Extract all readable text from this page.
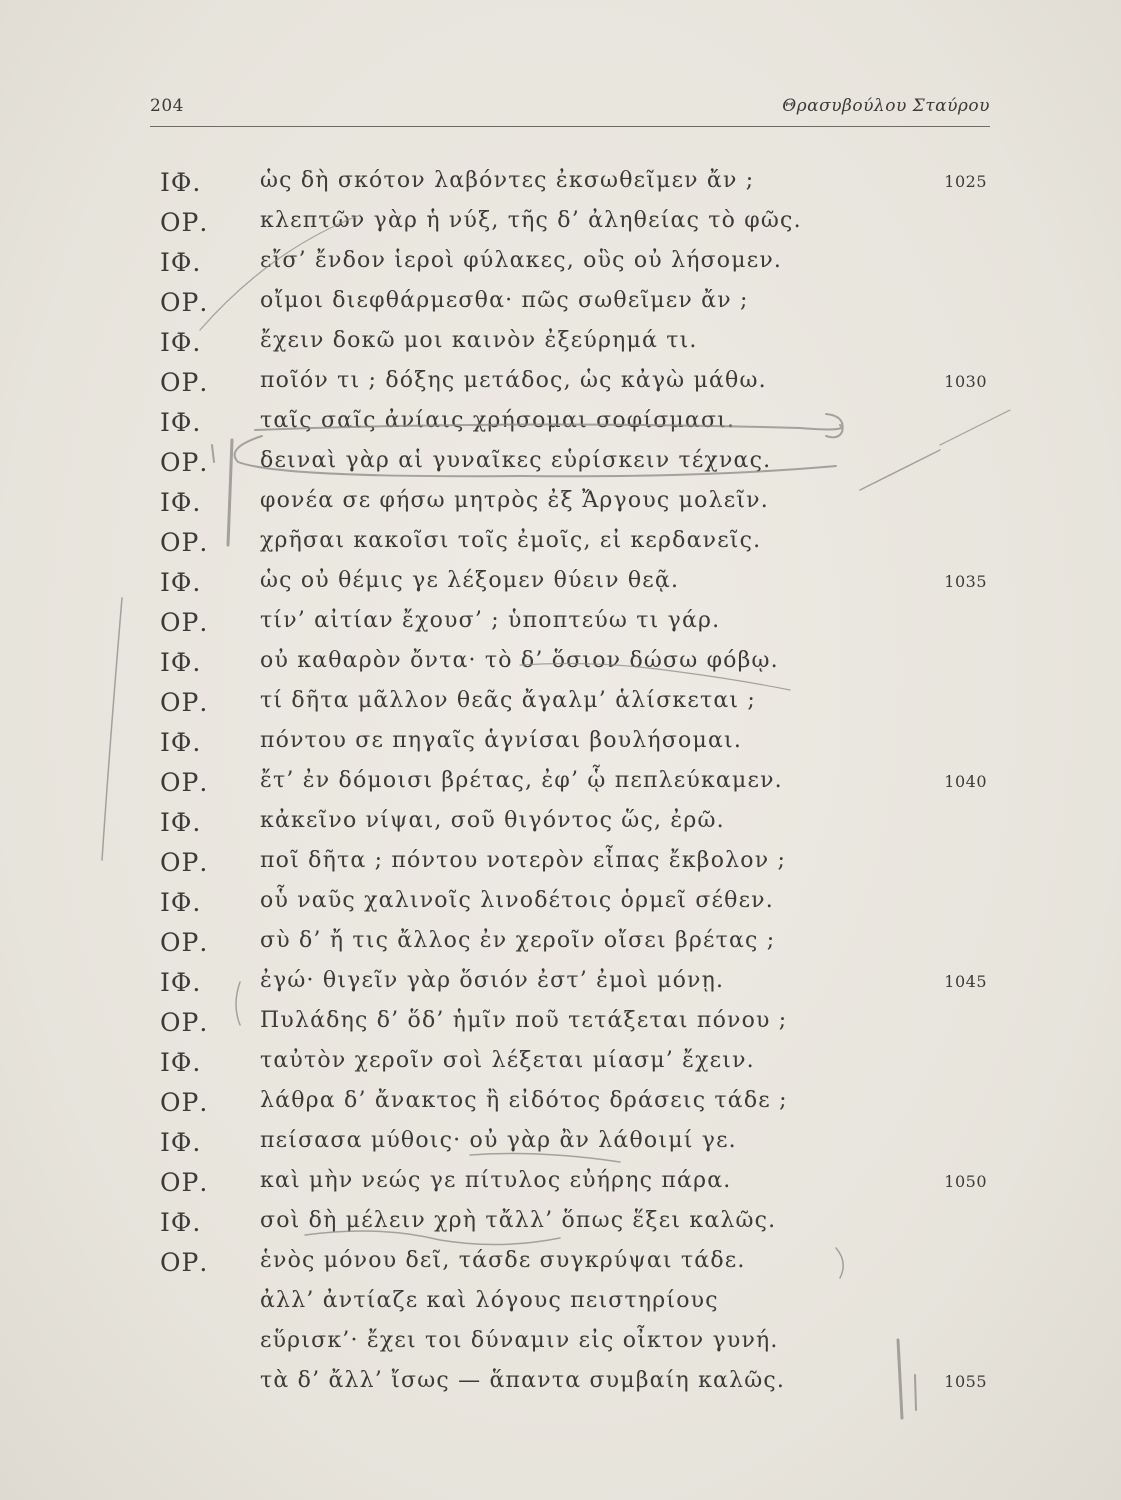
204	Θρασυβούλου Σταύρου
ΙΦ.	ὡς δὴ σκότον λαβόντες ἐκσωθεῖμεν ἄν ;	1025
ΟΡ. κλεπτῶν γὰρ ἡ νύξ, τῆς δ’ ἀληθείας τὸ φῶς.
ΙΦ.	εἴσ’ ἔνδον ἱεροὶ φύλακες, οὓς οὐ λήσομεν.
ΟΡ. οἴμοι διεφθάρμεσθα· πῶς σωθεῖμεν ἄν ;
ΙΦ.	ἔχειν δοκῶ μοι καινὸν ἐξεύρημά τι.
ΟΡ. ποῖόν τι ; δόξης μετάδος, ὡς κἀγὼ μάθω.	1030
ΙΦ.	ταῖς σαῖς ἀνίαις χρήσομαι σοφίσμασι.
ΟΡ. δειναὶ γὰρ αἱ γυναῖκες εὑρίσκειν τέχνας.
ΙΦ.	φονέα σε φήσω μητρὸς ἐξ Ἄργους μολεῖν.
ΟΡ. χρῆσαι κακοῖσι τοῖς ἐμοῖς, εἰ κερδανεῖς.
ΙΦ.	ὡς οὐ θέμις γε λέξομεν θύειν θεᾷ.	1035
ΟΡ. τίν’ αἰτίαν ἔχουσ’ ; ὑποπτεύω τι γάρ.
ΙΦ.	οὐ καθαρὸν ὄντα· τὸ δ’ ὅσιον δώσω φόβῳ.
ΟΡ. τί δῆτα μᾶλλον θεᾶς ἄγαλμ’ ἁλίσκεται ;
ΙΦ.	πόντου σε πηγαῖς ἁγνίσαι βουλήσομαι.
ΟΡ. ἔτ’ ἐν δόμοισι βρέτας, ἐφ’ ᾧ πεπλεύκαμεν.	1040
ΙΦ.	κἀκεῖνο νίψαι, σοῦ θιγόντος ὥς, ἐρῶ.
ΟΡ. ποῖ δῆτα ; πόντου νοτερὸν εἶπας ἔκβολον ;
ΙΦ.	οὗ ναῦς χαλινοῖς λινοδέτοις ὁρμεῖ σέθεν.
ΟΡ. σὺ δ’ ἤ τις ἄλλος ἐν χεροῖν οἴσει βρέτας ;
ΙΦ.	ἐγώ· θιγεῖν γὰρ ὅσιόν ἐστ’ ἐμοὶ μόνῃ.	1045
ΟΡ. Πυλάδης δ’ ὅδ’ ἡμῖν ποῦ τετάξεται πόνου ;
ΙΦ.	ταὐτὸν χεροῖν σοὶ λέξεται μίασμ’ ἔχειν.
ΟΡ. λάθρα δ’ ἄνακτος ἢ εἰδότος δράσεις τάδε ;
ΙΦ.	πείσασα μύθοις· οὐ γὰρ ἂν λάθοιμί γε.
ΟΡ. καὶ μὴν νεώς γε πίτυλος εὐήρης πάρα.	1050
ΙΦ.	σοὶ δὴ μέλειν χρὴ τἄλλ’ ὅπως ἕξει καλῶς.
ΟΡ. ἑνὸς μόνου δεῖ, τάσδε συγκρύψαι τάδε.
ἀλλ’ ἀντίαζε καὶ λόγους πειστηρίους
εὕρισκ’· ἔχει τοι δύναμιν εἰς οἶκτον γυνή.
τὰ δ’ ἄλλ’ ἴσως — ἅπαντα συμβαίη καλῶς.	1055
